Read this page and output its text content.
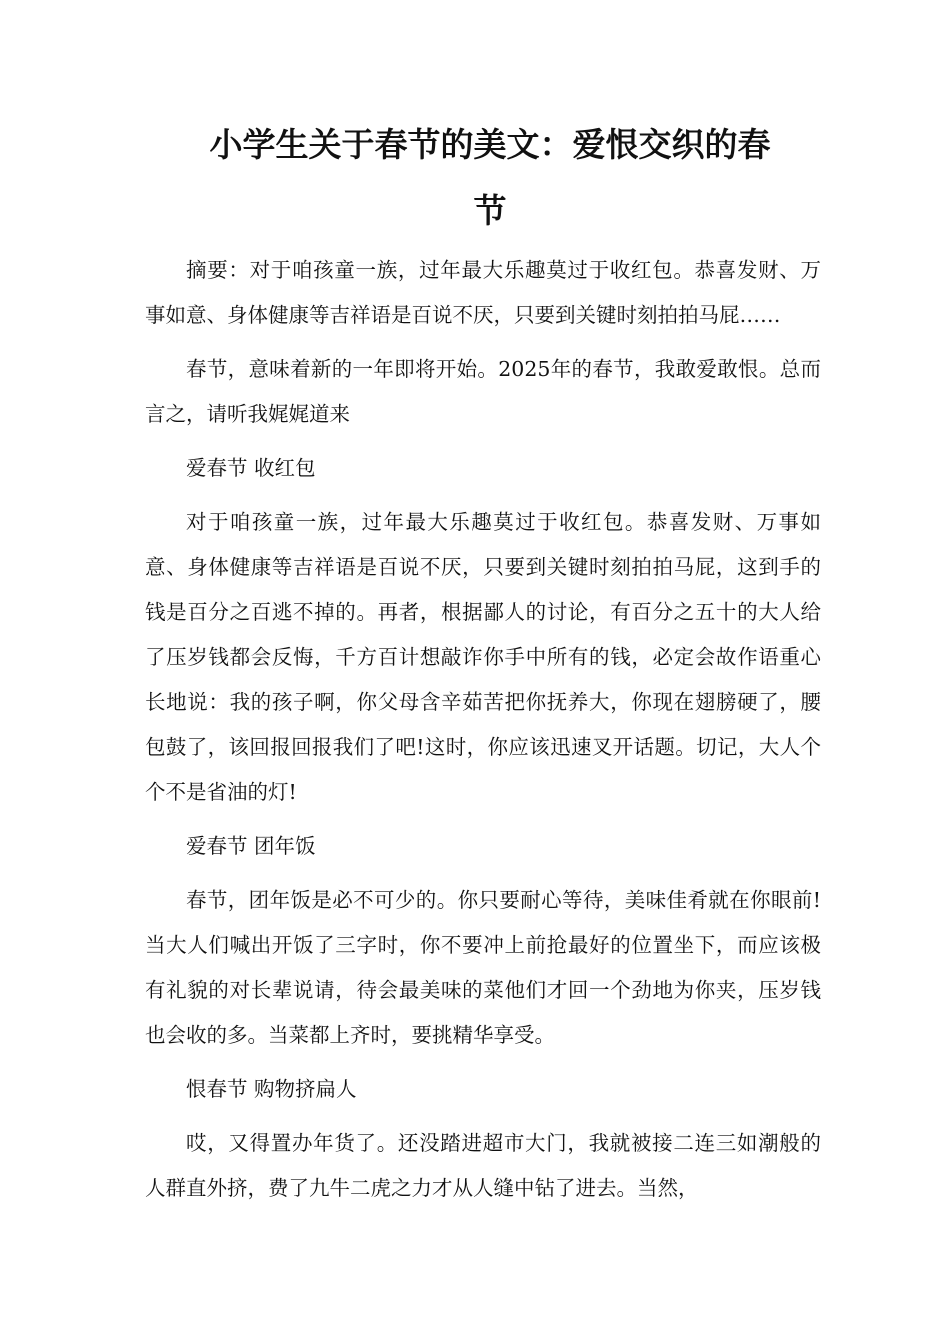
小学生关于春节的美文：爱恨交织的春
节

摘要：对于咱孩童一族，过年最大乐趣莫过于收红包。恭喜发财、万事如意、身体健康等吉祥语是百说不厌，只要到关键时刻拍拍马屁……

春节，意味着新的一年即将开始。2025年的春节，我敢爱敢恨。总而言之，请听我娓娓道来

爱春节 收红包

对于咱孩童一族，过年最大乐趣莫过于收红包。恭喜发财、万事如意、身体健康等吉祥语是百说不厌，只要到关键时刻拍拍马屁，这到手的钱是百分之百逃不掉的。再者，根据鄙人的讨论，有百分之五十的大人给了压岁钱都会反悔，千方百计想敲诈你手中所有的钱，必定会故作语重心长地说：我的孩子啊，你父母含辛茹苦把你抚养大，你现在翅膀硬了，腰包鼓了，该回报回报我们了吧!这时，你应该迅速叉开话题。切记，大人个个不是省油的灯!

爱春节 团年饭

春节，团年饭是必不可少的。你只要耐心等待，美味佳肴就在你眼前!当大人们喊出开饭了三字时，你不要冲上前抢最好的位置坐下，而应该极有礼貌的对长辈说请，待会最美味的菜他们才回一个劲地为你夹，压岁钱也会收的多。当菜都上齐时，要挑精华享受。

恨春节 购物挤扁人

哎，又得置办年货了。还没踏进超市大门，我就被接二连三如潮般的人群直外挤，费了九牛二虎之力才从人缝中钻了进去。当然，
